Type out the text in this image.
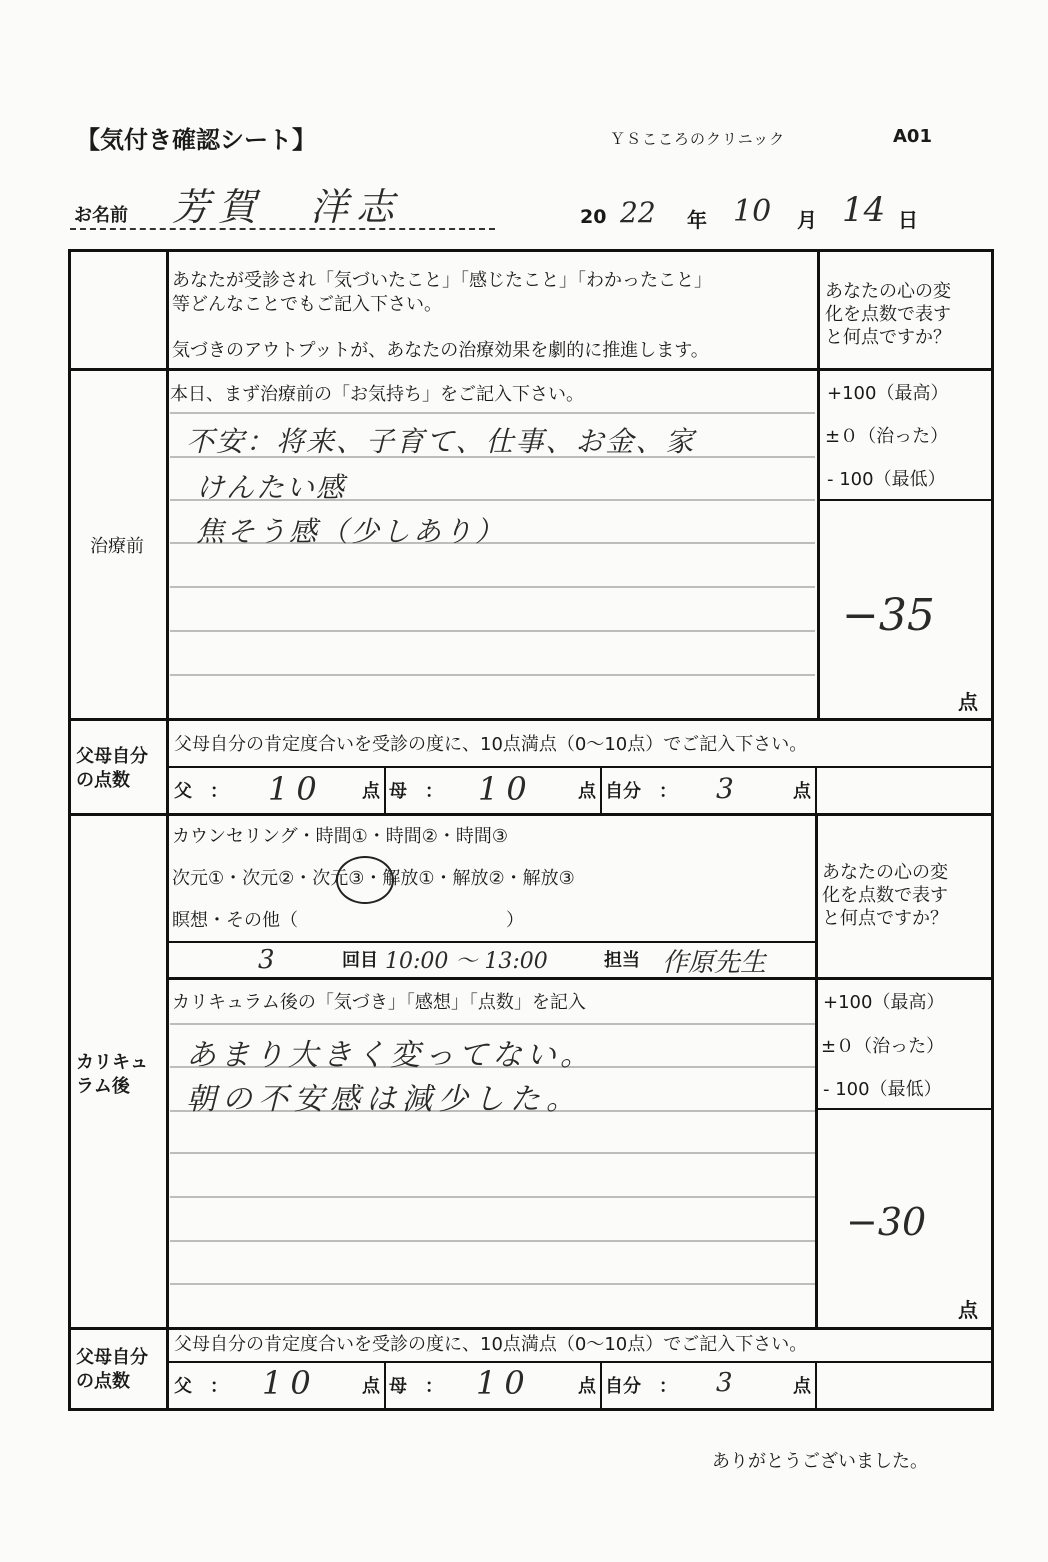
【気付き確認シート】	ＹＳこころのクリニック	A01
お名前 芳賀　洋志	20 22 年 10 月 14 日
あなたが受診され「気づいたこと」「感じたこと」「わかったこと」
等どんなことでもご記入下さい。
気づきのアウトプットが、あなたの治療効果を劇的に推進します。
あなたの心の変
化を点数で表す
と何点ですか？
治療前
本日、まず治療前の「お気持ち」をご記入下さい。
不安：将来、子育て、仕事、お金、家
けんたい感
焦そう感（少しあり）
+100（最高）
±０（治った）
- 100（最低）
−35
点
父母自分
の点数
父母自分の肯定度合いを受診の度に、10点満点（0～10点）でご記入下さい。
父　： 10 点 母　： 10 点 自分　： 3	点
カウンセリング・時間①・時間②・時間③
次元①・次元②・次元③・解放①・解放②・解放③
瞑想・その他（	）
3	回目 10:00 〜 13:00	担当 作原先生
あなたの心の変
化を点数で表す
と何点ですか？
カリキュ
ラム後
カリキュラム後の「気づき」「感想」「点数」を記入
あまり大きく変ってない。
朝の不安感は減少した。
+100（最高）
±０（治った）
- 100（最低）
−30
点
父母自分
の点数
父母自分の肯定度合いを受診の度に、10点満点（0～10点）でご記入下さい。
父　： 10 点 母　： 10	点 自分　： 3	点
ありがとうございました。
